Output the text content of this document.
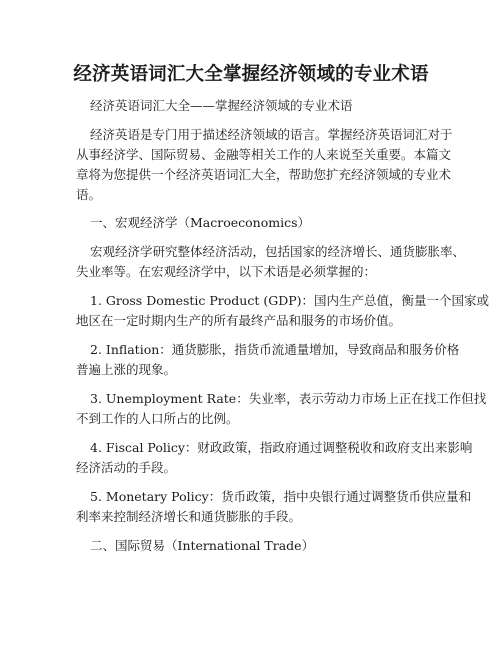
经济英语词汇大全掌握经济领域的专业术语
经济英语词汇大全——掌握经济领域的专业术语
经济英语是专门用于描述经济领域的语言。掌握经济英语词汇对于
从事经济学、国际贸易、金融等相关工作的人来说至关重要。本篇文
章将为您提供一个经济英语词汇大全，帮助您扩充经济领域的专业术
语。
一、宏观经济学（Macroeconomics）
宏观经济学研究整体经济活动，包括国家的经济增长、通货膨胀率、
失业率等。在宏观经济学中，以下术语是必须掌握的：
1. Gross Domestic Product (GDP)：国内生产总值，衡量一个国家或
地区在一定时期内生产的所有最终产品和服务的市场价值。
2. Inflation：通货膨胀，指货币流通量增加，导致商品和服务价格
普遍上涨的现象。
3. Unemployment Rate：失业率，表示劳动力市场上正在找工作但找
不到工作的人口所占的比例。
4. Fiscal Policy：财政政策，指政府通过调整税收和政府支出来影响
经济活动的手段。
5. Monetary Policy：货币政策，指中央银行通过调整货币供应量和
利率来控制经济增长和通货膨胀的手段。
二、国际贸易（International Trade）
